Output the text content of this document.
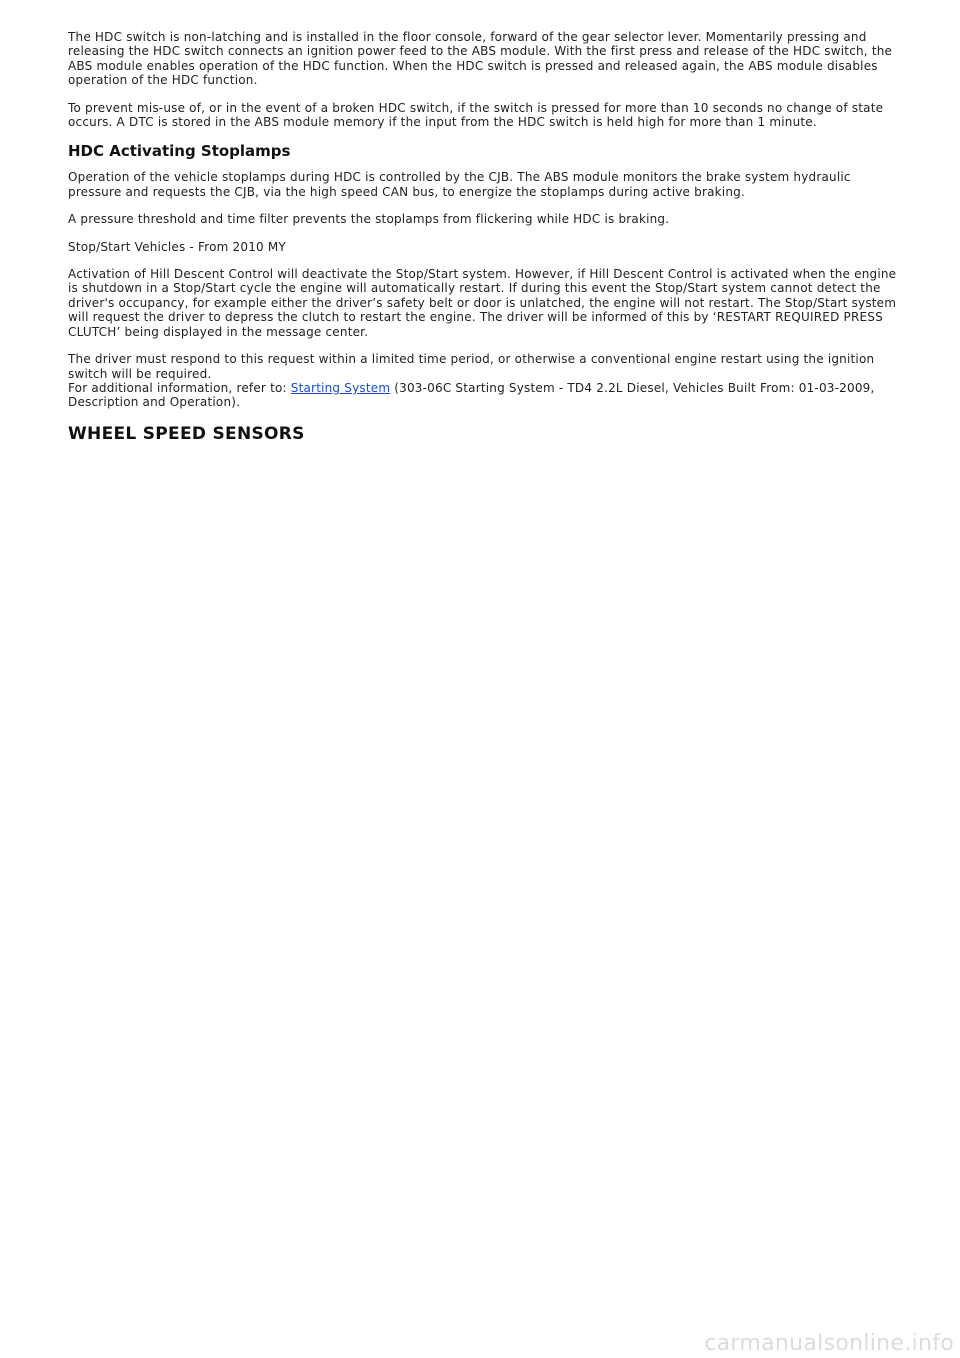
The HDC switch is non-latching and is installed in the floor console, forward of the gear selector lever. Momentarily pressing and releasing the HDC switch connects an ignition power feed to the ABS module. With the first press and release of the HDC switch, the ABS module enables operation of the HDC function. When the HDC switch is pressed and released again, the ABS module disables operation of the HDC function.

To prevent mis-use of, or in the event of a broken HDC switch, if the switch is pressed for more than 10 seconds no change of state occurs. A DTC is stored in the ABS module memory if the input from the HDC switch is held high for more than 1 minute.

HDC Activating Stoplamps

Operation of the vehicle stoplamps during HDC is controlled by the CJB. The ABS module monitors the brake system hydraulic pressure and requests the CJB, via the high speed CAN bus, to energize the stoplamps during active braking.

A pressure threshold and time filter prevents the stoplamps from flickering while HDC is braking.

Stop/Start Vehicles - From 2010 MY

Activation of Hill Descent Control will deactivate the Stop/Start system. However, if Hill Descent Control is activated when the engine is shutdown in a Stop/Start cycle the engine will automatically restart. If during this event the Stop/Start system cannot detect the driver's occupancy, for example either the driver’s safety belt or door is unlatched, the engine will not restart. The Stop/Start system will request the driver to depress the clutch to restart the engine. The driver will be informed of this by ‘RESTART REQUIRED PRESS CLUTCH’ being displayed in the message center.

The driver must respond to this request within a limited time period, or otherwise a conventional engine restart using the ignition switch will be required.
For additional information, refer to: Starting System (303-06C Starting System - TD4 2.2L Diesel, Vehicles Built From: 01-03-2009, Description and Operation).

WHEEL SPEED SENSORS
carmanualsonline.info
